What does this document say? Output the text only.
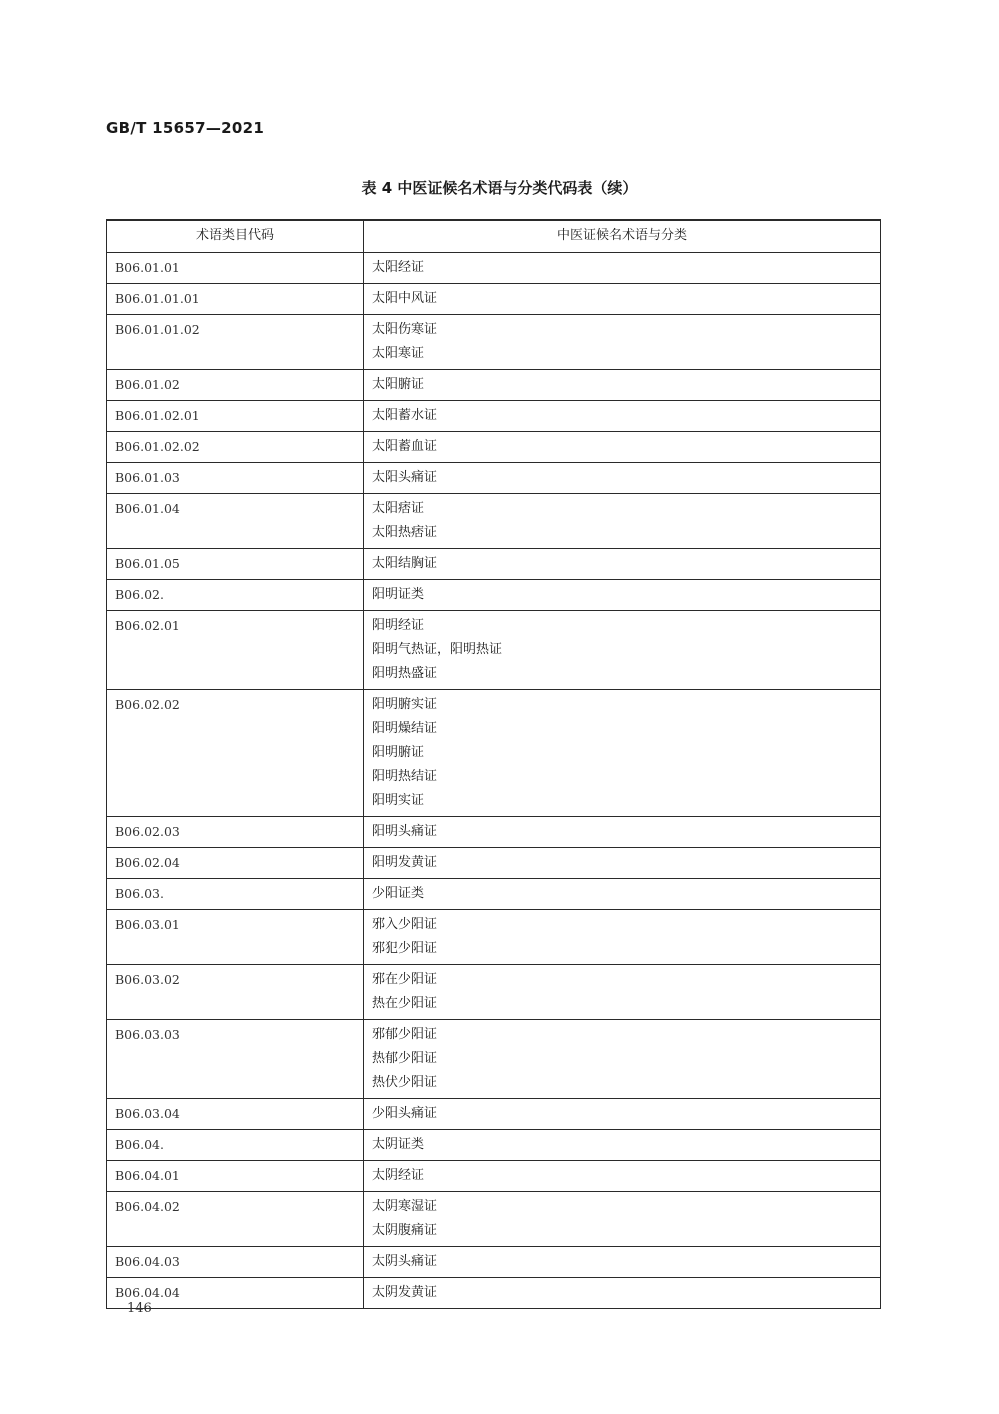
GB/T 15657—2021
表 4 中医证候名术语与分类代码表（续）
术语类目代码	中医证候名术语与分类
B06.01.01	太阳经证

B06.01.01.01	太阳中风证

B06.01.01.02	太阳伤寒证
太阳寒证

B06.01.02	太阳腑证

B06.01.02.01	太阳蓄水证

B06.01.02.02	太阳蓄血证

B06.01.03	太阳头痛证

B06.01.04	太阳痞证
太阳热痞证

B06.01.05	太阳结胸证

B06.02.	阳明证类

B06.02.01	阳明经证
阳明气热证，阳明热证
阳明热盛证

B06.02.02	阳明腑实证
阳明燥结证
阳明腑证
阳明热结证
阳明实证

B06.02.03	阳明头痛证

B06.02.04	阳明发黄证

B06.03.	少阳证类

B06.03.01	邪入少阳证
邪犯少阳证

B06.03.02	邪在少阳证
热在少阳证

B06.03.03	邪郁少阳证
热郁少阳证
热伏少阳证

B06.03.04	少阳头痛证

B06.04.	太阴证类

B06.04.01	太阴经证

B06.04.02	太阴寒湿证
太阴腹痛证

B06.04.03	太阴头痛证

B06.04.04	太阴发黄证
146
